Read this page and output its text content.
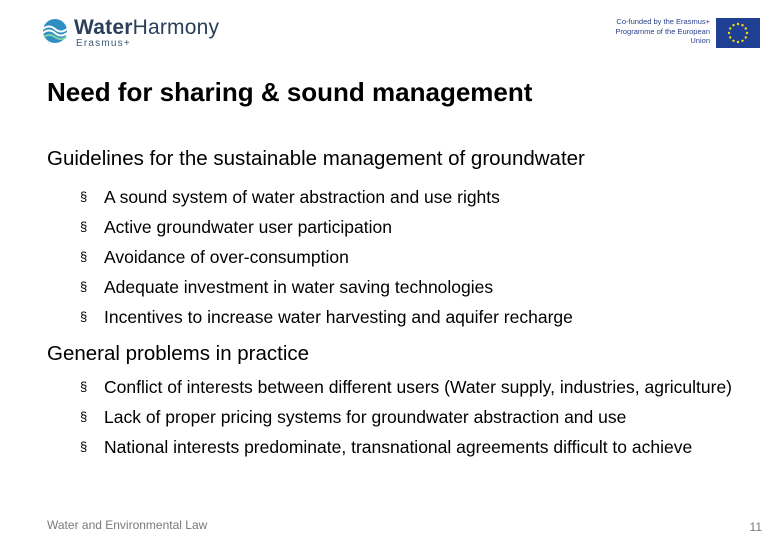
WaterHarmony
Erasmus+
Co-funded by the Erasmus+ Programme of the European Union
Need for sharing & sound management
Guidelines for the sustainable management of groundwater
§ A sound system of water abstraction and use rights
§ Active groundwater user participation
§ Avoidance of over-consumption
§ Adequate investment in water saving technologies
§ Incentives to increase water harvesting and aquifer recharge
General problems in practice
§ Conflict of interests between different users (Water supply, industries, agriculture)
§ Lack of proper pricing systems for groundwater abstraction and use
§ National interests predominate, transnational agreements difficult to achieve
Water and Environmental Law	11
